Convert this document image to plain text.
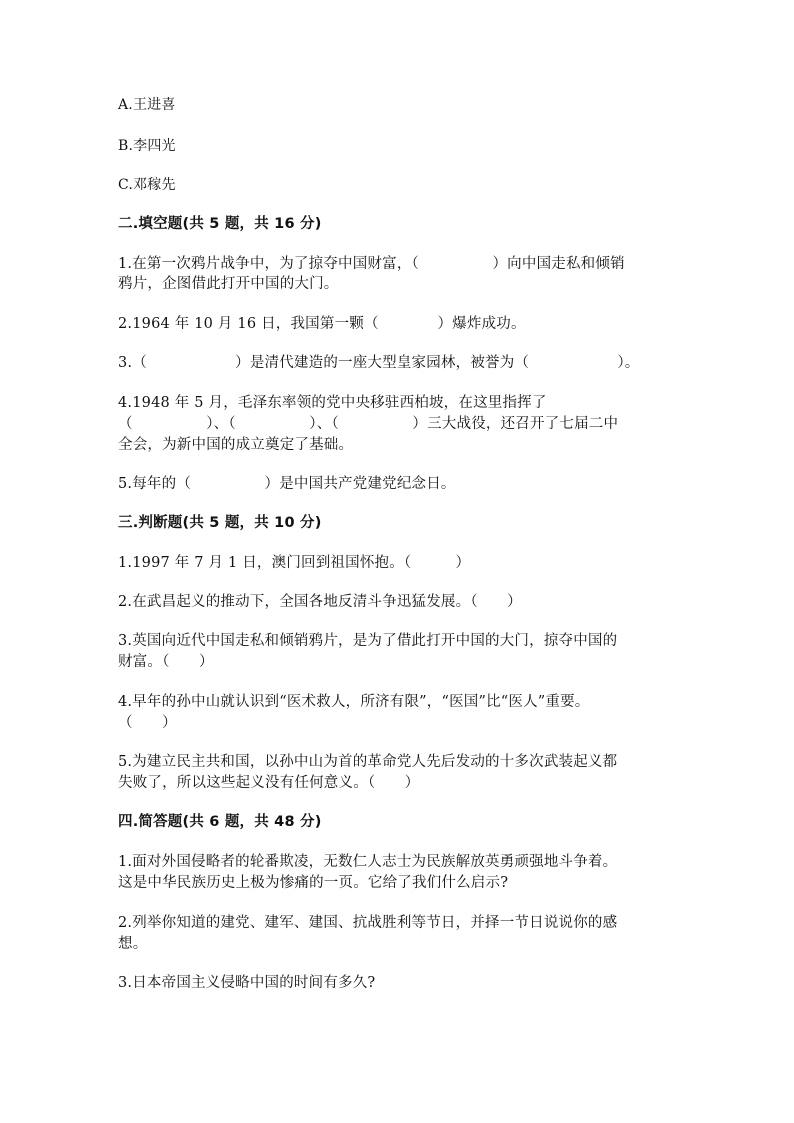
A.王进喜
B.李四光
C.邓稼先
二.填空题(共 5 题，共 16 分)
1.在第一次鸦片战争中，为了掠夺中国财富，（　　　　　）向中国走私和倾销
鸦片，企图借此打开中国的大门。
2.1964 年 10 月 16 日，我国第一颗（　　　　）爆炸成功。
3.（　　　　　　）是清代建造的一座大型皇家园林，被誉为（　　　　　　）。
4.1948 年 5 月，毛泽东率领的党中央移驻西柏坡，在这里指挥了
（　　　　　）、（　　　　　）、（　　　　　）三大战役，还召开了七届二中
全会，为新中国的成立奠定了基础。
5.每年的（　　　　　）是中国共产党建党纪念日。
三.判断题(共 5 题，共 10 分)
1.1997 年 7 月 1 日，澳门回到祖国怀抱。（　　　）
2.在武昌起义的推动下，全国各地反清斗争迅猛发展。（　　）
3.英国向近代中国走私和倾销鸦片，是为了借此打开中国的大门，掠夺中国的
财富。（　　）
4.早年的孙中山就认识到“医术救人，所济有限”，“医国”比“医人”重要。
（　　）
5.为建立民主共和国，以孙中山为首的革命党人先后发动的十多次武装起义都
失败了，所以这些起义没有任何意义。（　　）
四.简答题(共 6 题，共 48 分)
1.面对外国侵略者的轮番欺凌，无数仁人志士为民族解放英勇顽强地斗争着。
这是中华民族历史上极为惨痛的一页。它给了我们什么启示?
2.列举你知道的建党、建军、建国、抗战胜利等节日，并择一节日说说你的感
想。
3.日本帝国主义侵略中国的时间有多久?
